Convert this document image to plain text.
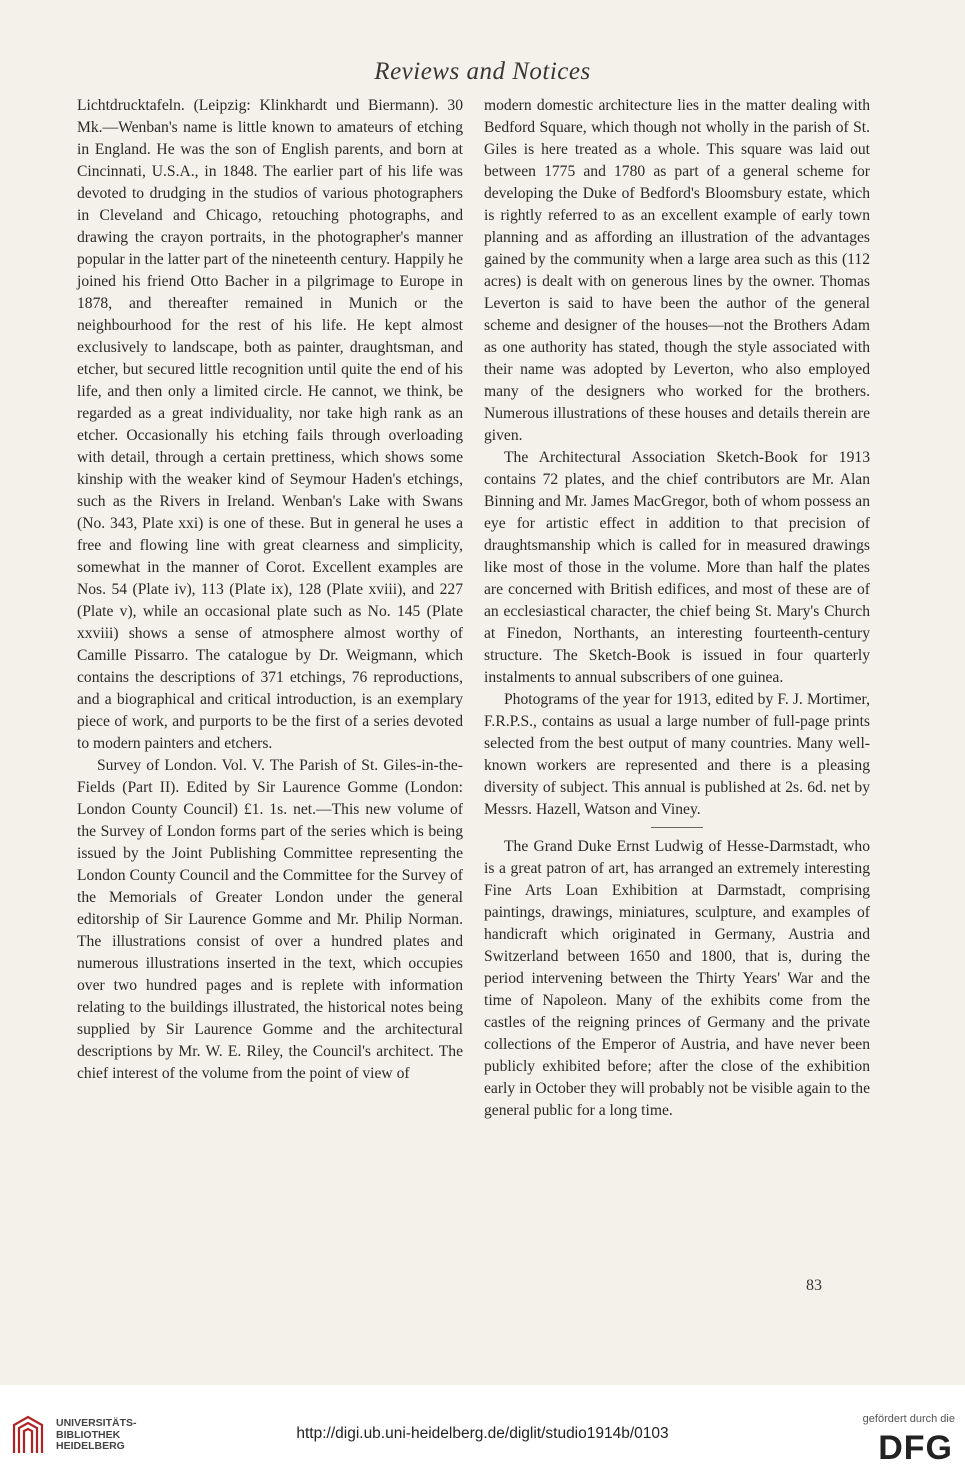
Reviews and Notices

Lichtdrucktafeln. (Leipzig: Klinkhardt und Biermann). 30 Mk.—Wenban's name is little known to amateurs of etching in England. He was the son of English parents, and born at Cincinnati, U.S.A., in 1848. The earlier part of his life was devoted to drudging in the studios of various photographers in Cleveland and Chicago, retouching photographs, and drawing the crayon portraits, in the photographer's manner popular in the latter part of the nineteenth century. Happily he joined his friend Otto Bacher in a pilgrimage to Europe in 1878, and thereafter remained in Munich or the neighbourhood for the rest of his life. He kept almost exclusively to landscape, both as painter, draughtsman, and etcher, but secured little recognition until quite the end of his life, and then only a limited circle. He cannot, we think, be regarded as a great individuality, nor take high rank as an etcher. Occasionally his etching fails through overloading with detail, through a certain prettiness, which shows some kinship with the weaker kind of Seymour Haden's etchings, such as the Rivers in Ireland. Wenban's Lake with Swans (No. 343, Plate xxi) is one of these. But in general he uses a free and flowing line with great clearness and simplicity, somewhat in the manner of Corot. Excellent examples are Nos. 54 (Plate iv), 113 (Plate ix), 128 (Plate xviii), and 227 (Plate v), while an occasional plate such as No. 145 (Plate xxviii) shows a sense of atmosphere almost worthy of Camille Pissarro. The catalogue by Dr. Weigmann, which contains the descriptions of 371 etchings, 76 reproductions, and a biographical and critical introduction, is an exemplary piece of work, and purports to be the first of a series devoted to modern painters and etchers.

Survey of London. Vol. V. The Parish of St. Giles-in-the-Fields (Part II). Edited by Sir Laurence Gomme (London: London County Council) £1. 1s. net.—This new volume of the Survey of London forms part of the series which is being issued by the Joint Publishing Committee representing the London County Council and the Committee for the Survey of the Memorials of Greater London under the general editorship of Sir Laurence Gomme and Mr. Philip Norman. The illustrations consist of over a hundred plates and numerous illustrations inserted in the text, which occupies over two hundred pages and is replete with information relating to the buildings illustrated, the historical notes being supplied by Sir Laurence Gomme and the architectural descriptions by Mr. W. E. Riley, the Council's architect. The chief interest of the volume from the point of view of

modern domestic architecture lies in the matter dealing with Bedford Square, which though not wholly in the parish of St. Giles is here treated as a whole. This square was laid out between 1775 and 1780 as part of a general scheme for developing the Duke of Bedford's Bloomsbury estate, which is rightly referred to as an excellent example of early town planning and as affording an illustration of the advantages gained by the community when a large area such as this (112 acres) is dealt with on generous lines by the owner. Thomas Leverton is said to have been the author of the general scheme and designer of the houses—not the Brothers Adam as one authority has stated, though the style associated with their name was adopted by Leverton, who also employed many of the designers who worked for the brothers. Numerous illustrations of these houses and details therein are given.

The Architectural Association Sketch-Book for 1913 contains 72 plates, and the chief contributors are Mr. Alan Binning and Mr. James MacGregor, both of whom possess an eye for artistic effect in addition to that precision of draughtsmanship which is called for in measured drawings like most of those in the volume. More than half the plates are concerned with British edifices, and most of these are of an ecclesiastical character, the chief being St. Mary's Church at Finedon, Northants, an interesting fourteenth-century structure. The Sketch-Book is issued in four quarterly instalments to annual subscribers of one guinea.

Photograms of the year for 1913, edited by F. J. Mortimer, F.R.P.S., contains as usual a large number of full-page prints selected from the best output of many countries. Many well-known workers are represented and there is a pleasing diversity of subject. This annual is published at 2s. 6d. net by Messrs. Hazell, Watson and Viney.

The Grand Duke Ernst Ludwig of Hesse-Darmstadt, who is a great patron of art, has arranged an extremely interesting Fine Arts Loan Exhibition at Darmstadt, comprising paintings, drawings, miniatures, sculpture, and examples of handicraft which originated in Germany, Austria and Switzerland between 1650 and 1800, that is, during the period intervening between the Thirty Years' War and the time of Napoleon. Many of the exhibits come from the castles of the reigning princes of Germany and the private collections of the Emperor of Austria, and have never been publicly exhibited before; after the close of the exhibition early in October they will probably not be visible again to the general public for a long time.

83
UNIVERSITÄTS-
BIBLIOTHEK
HEIDELBERG
http://digi.ub.uni-heidelberg.de/diglit/studio1914b/0103
gefördert durch die
DFG
